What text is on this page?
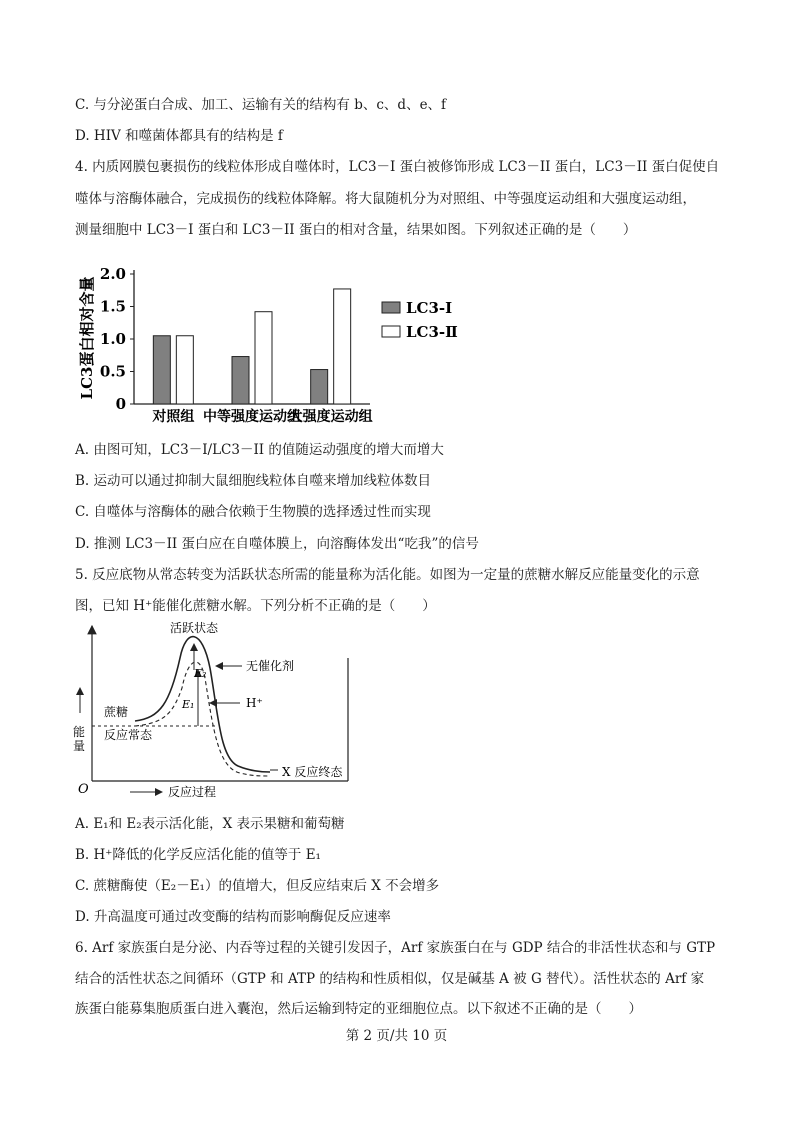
C. 与分泌蛋白合成、加工、运输有关的结构有 b、c、d、e、f
D. HIV 和噬菌体都具有的结构是 f
4. 内质网膜包裹损伤的线粒体形成自噬体时，LC3－I 蛋白被修饰形成 LC3－II 蛋白，LC3－II 蛋白促使自
噬体与溶酶体融合，完成损伤的线粒体降解。将大鼠随机分为对照组、中等强度运动组和大强度运动组，
测量细胞中 LC3－I 蛋白和 LC3－II 蛋白的相对含量，结果如图。下列叙述正确的是（　　）
LC3蛋白相对含量
0
0.5
1.0
1.5
2.0
对照组 中等强度运动组
大强度运动组
LC3-Ⅰ
LC3-Ⅱ
A. 由图可知，LC3－I/LC3－II 的值随运动强度的增大而增大
B. 运动可以通过抑制大鼠细胞线粒体自噬来增加线粒体数目
C. 自噬体与溶酶体的融合依赖于生物膜的选择透过性而实现
D. 推测 LC3－II 蛋白应在自噬体膜上，向溶酶体发出“吃我”的信号
5. 反应底物从常态转变为活跃状态所需的能量称为活化能。如图为一定量的蔗糖水解反应能量变化的示意
图，已知 H⁺能催化蔗糖水解。下列分析不正确的是（　　）
O
能
量
反应过程
活跃状态
E₂
E₁
无催化剂
H⁺
蔗糖
反应常态
X 反应终态
A. E₁和 E₂表示活化能，X 表示果糖和葡萄糖
B. H⁺降低的化学反应活化能的值等于 E₁
C. 蔗糖酶使（E₂－E₁）的值增大，但反应结束后 X 不会增多
D. 升高温度可通过改变酶的结构而影响酶促反应速率
6. Arf 家族蛋白是分泌、内吞等过程的关键引发因子，Arf 家族蛋白在与 GDP 结合的非活性状态和与 GTP
结合的活性状态之间循环（GTP 和 ATP 的结构和性质相似，仅是碱基 A 被 G 替代）。活性状态的 Arf 家
族蛋白能募集胞质蛋白进入囊泡，然后运输到特定的亚细胞位点。以下叙述不正确的是（　　）
第 2 页/共 10 页
